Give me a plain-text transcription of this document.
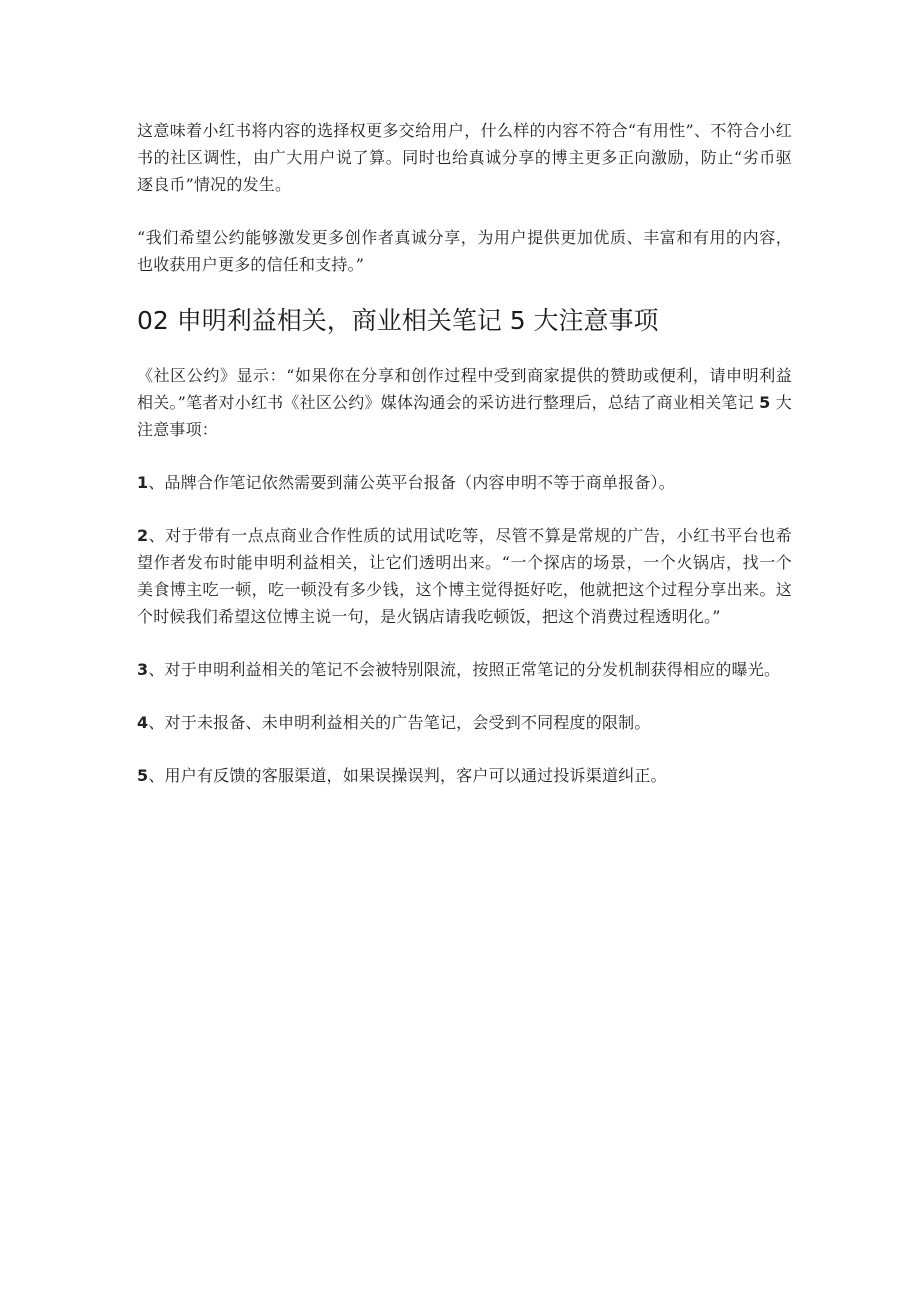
这意味着小红书将内容的选择权更多交给用户，什么样的内容不符合“有用性”、不符合小红书的社区调性，由广大用户说了算。同时也给真诚分享的博主更多正向激励，防止“劣币驱逐良币”情况的发生。

“我们希望公约能够激发更多创作者真诚分享，为用户提供更加优质、丰富和有用的内容，也收获用户更多的信任和支持。”

02 申明利益相关，商业相关笔记 5 大注意事项

《社区公约》显示：“如果你在分享和创作过程中受到商家提供的赞助或便利，请申明利益相关。”笔者对小红书《社区公约》媒体沟通会的采访进行整理后，总结了商业相关笔记 5 大注意事项：

1、品牌合作笔记依然需要到蒲公英平台报备（内容申明不等于商单报备）。

2、对于带有一点点商业合作性质的试用试吃等，尽管不算是常规的广告，小红书平台也希望作者发布时能申明利益相关，让它们透明出来。“一个探店的场景，一个火锅店，找一个美食博主吃一顿，吃一顿没有多少钱，这个博主觉得挺好吃，他就把这个过程分享出来。这个时候我们希望这位博主说一句，是火锅店请我吃顿饭，把这个消费过程透明化。”

3、对于申明利益相关的笔记不会被特别限流，按照正常笔记的分发机制获得相应的曝光。

4、对于未报备、未申明利益相关的广告笔记，会受到不同程度的限制。

5、用户有反馈的客服渠道，如果误操误判，客户可以通过投诉渠道纠正。
